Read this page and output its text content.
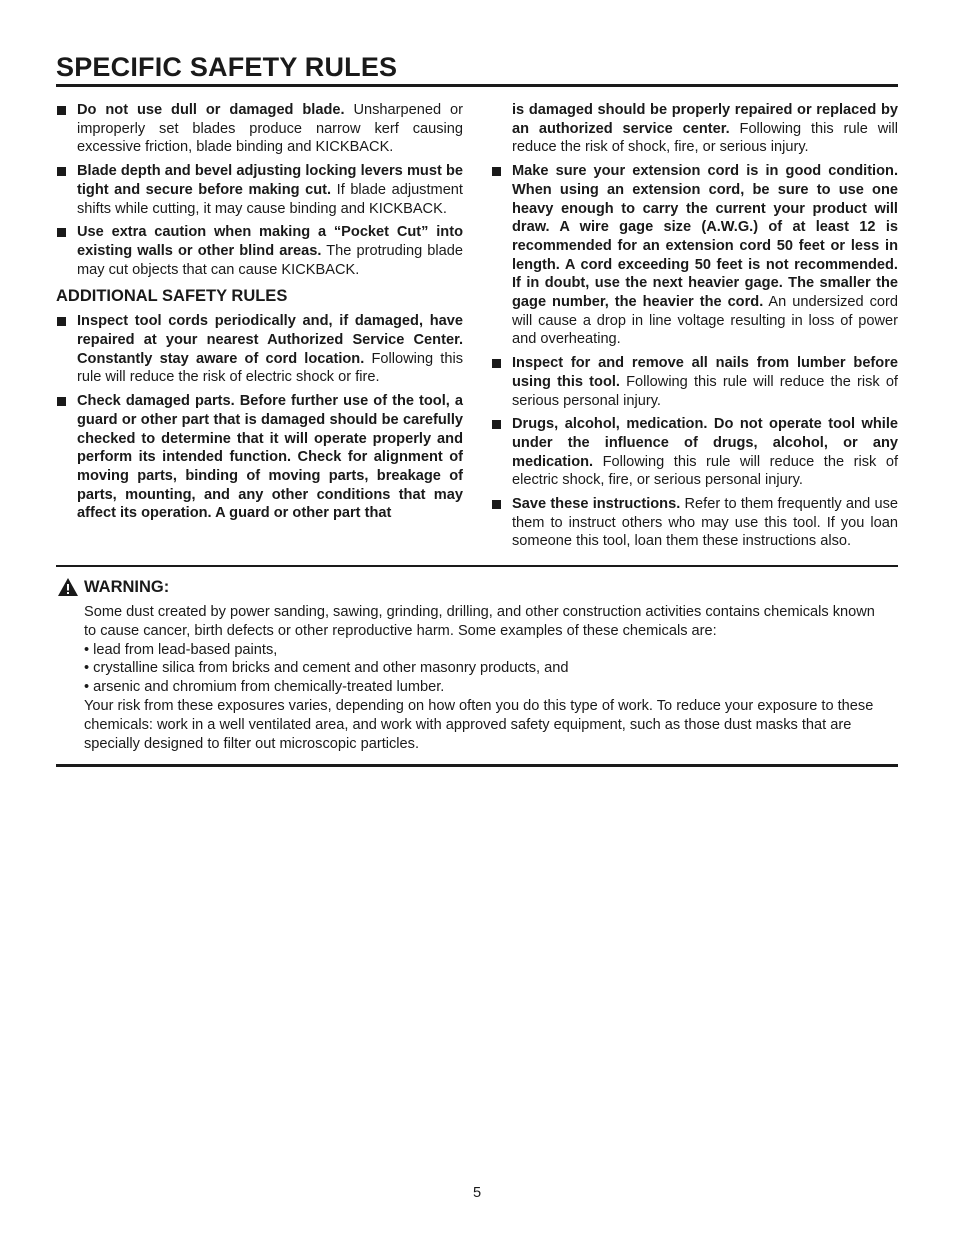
SPECIFIC SAFETY RULES
Do not use dull or damaged blade. Unsharpened or improperly set blades produce narrow kerf causing excessive friction, blade binding and KICKBACK.
Blade depth and bevel adjusting locking levers must be tight and secure before making cut. If blade adjustment shifts while cutting, it may cause binding and KICKBACK.
Use extra caution when making a “Pocket Cut” into existing walls or other blind areas. The protruding blade may cut objects that can cause KICKBACK.
ADDITIONAL SAFETY RULES
Inspect tool cords periodically and, if damaged, have repaired at your nearest Authorized Service Center. Constantly stay aware of cord location. Following this rule will reduce the risk of electric shock or fire.
Check damaged parts. Before further use of the tool, a guard or other part that is damaged should be carefully checked to determine that it will operate properly and perform its intended function. Check for alignment of moving parts, binding of moving parts, breakage of parts, mounting, and any other conditions that may affect its operation. A guard or other part that
is damaged should be properly repaired or replaced by an authorized service center. Following this rule will reduce the risk of shock, fire, or serious injury.
Make sure your extension cord is in good condition. When using an extension cord, be sure to use one heavy enough to carry the current your product will draw. A wire gage size (A.W.G.) of at least 12 is recommended for an extension cord 50 feet or less in length. A cord exceeding 50 feet is not recommended. If in doubt, use the next heavier gage. The smaller the gage number, the heavier the cord. An undersized cord will cause a drop in line voltage resulting in loss of power and overheating.
Inspect for and remove all nails from lumber before using this tool. Following this rule will reduce the risk of serious personal injury.
Drugs, alcohol, medication. Do not operate tool while under the influence of drugs, alcohol, or any medication. Following this rule will reduce the risk of electric shock, fire, or serious personal injury.
Save these instructions. Refer to them frequently and use them to instruct others who may use this tool. If you loan someone this tool, loan them these instructions also.
WARNING:

Some dust created by power sanding, sawing, grinding, drilling, and other construction activities contains chemicals known to cause cancer, birth defects or other reproductive harm. Some examples of these chemicals are:

• lead from lead-based paints,

• crystalline silica from bricks and cement and other masonry products, and

• arsenic and chromium from chemically-treated lumber.

Your risk from these exposures varies, depending on how often you do this type of work. To reduce your exposure to these chemicals: work in a well ventilated area, and work with approved safety equipment, such as those dust masks that are specially designed to filter out microscopic particles.

5
